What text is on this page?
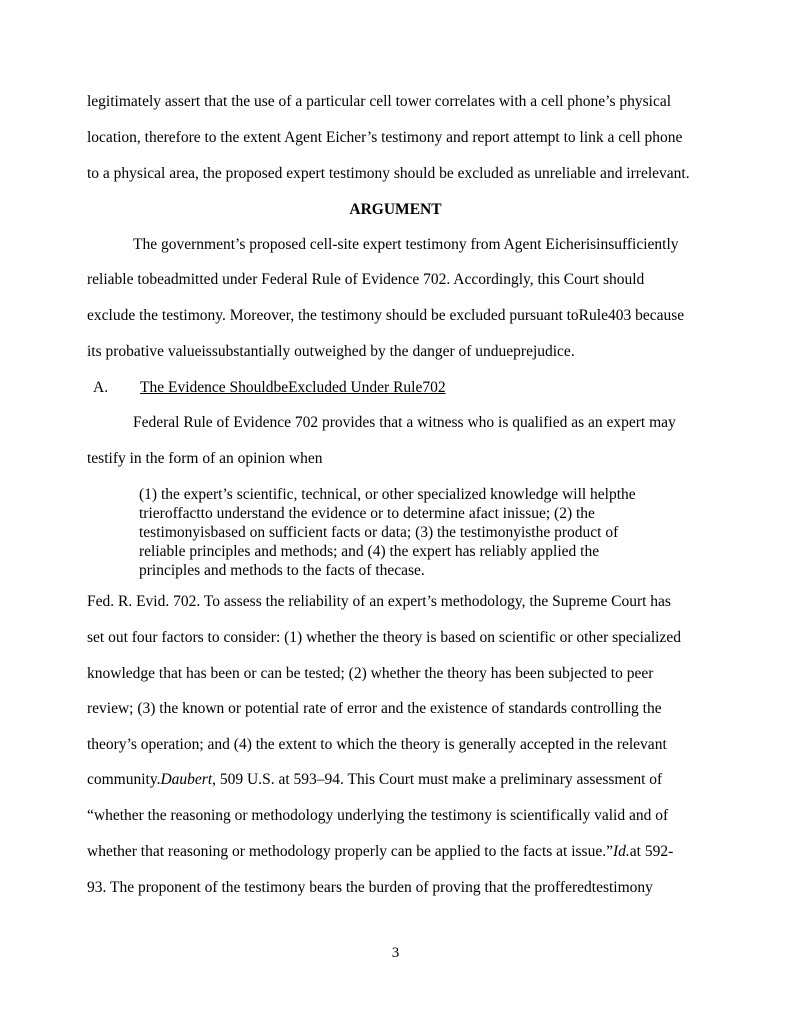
legitimately assert that the use of a particular cell tower correlates with a cell phone’s physical
location, therefore to the extent Agent Eicher’s testimony and report attempt to link a cell phone
to a physical area, the proposed expert testimony should be excluded as unreliable and irrelevant.
ARGUMENT
The government’s proposed cell-site expert testimony from Agent Eicherisinsufficiently
reliable tobeadmitted under Federal Rule of Evidence 702. Accordingly, this Court should
exclude the testimony. Moreover, the testimony should be excluded pursuant toRule403 because
its probative valueissubstantially outweighed by the danger of undueprejudice.
A. The Evidence ShouldbeExcluded Under Rule702
Federal Rule of Evidence 702 provides that a witness who is qualified as an expert may
testify in the form of an opinion when

(1) the expert’s scientific, technical, or other specialized knowledge will helpthe

trieroffactto understand the evidence or to determine afact inissue; (2) the

testimonyisbased on sufficient facts or data; (3) the testimonyisthe product of

reliable principles and methods; and (4) the expert has reliably applied the

principles and methods to the facts of thecase.

Fed. R. Evid. 702. To assess the reliability of an expert’s methodology, the Supreme Court has
set out four factors to consider: (1) whether the theory is based on scientific or other specialized
knowledge that has been or can be tested; (2) whether the theory has been subjected to peer
review; (3) the known or potential rate of error and the existence of standards controlling the
theory’s operation; and (4) the extent to which the theory is generally accepted in the relevant
community.Daubert, 509 U.S. at 593–94. This Court must make a preliminary assessment of
“whether the reasoning or methodology underlying the testimony is scientifically valid and of
whether that reasoning or methodology properly can be applied to the facts at issue.”Id.at 592-
93. The proponent of the testimony bears the burden of proving that the profferedtestimony
3
